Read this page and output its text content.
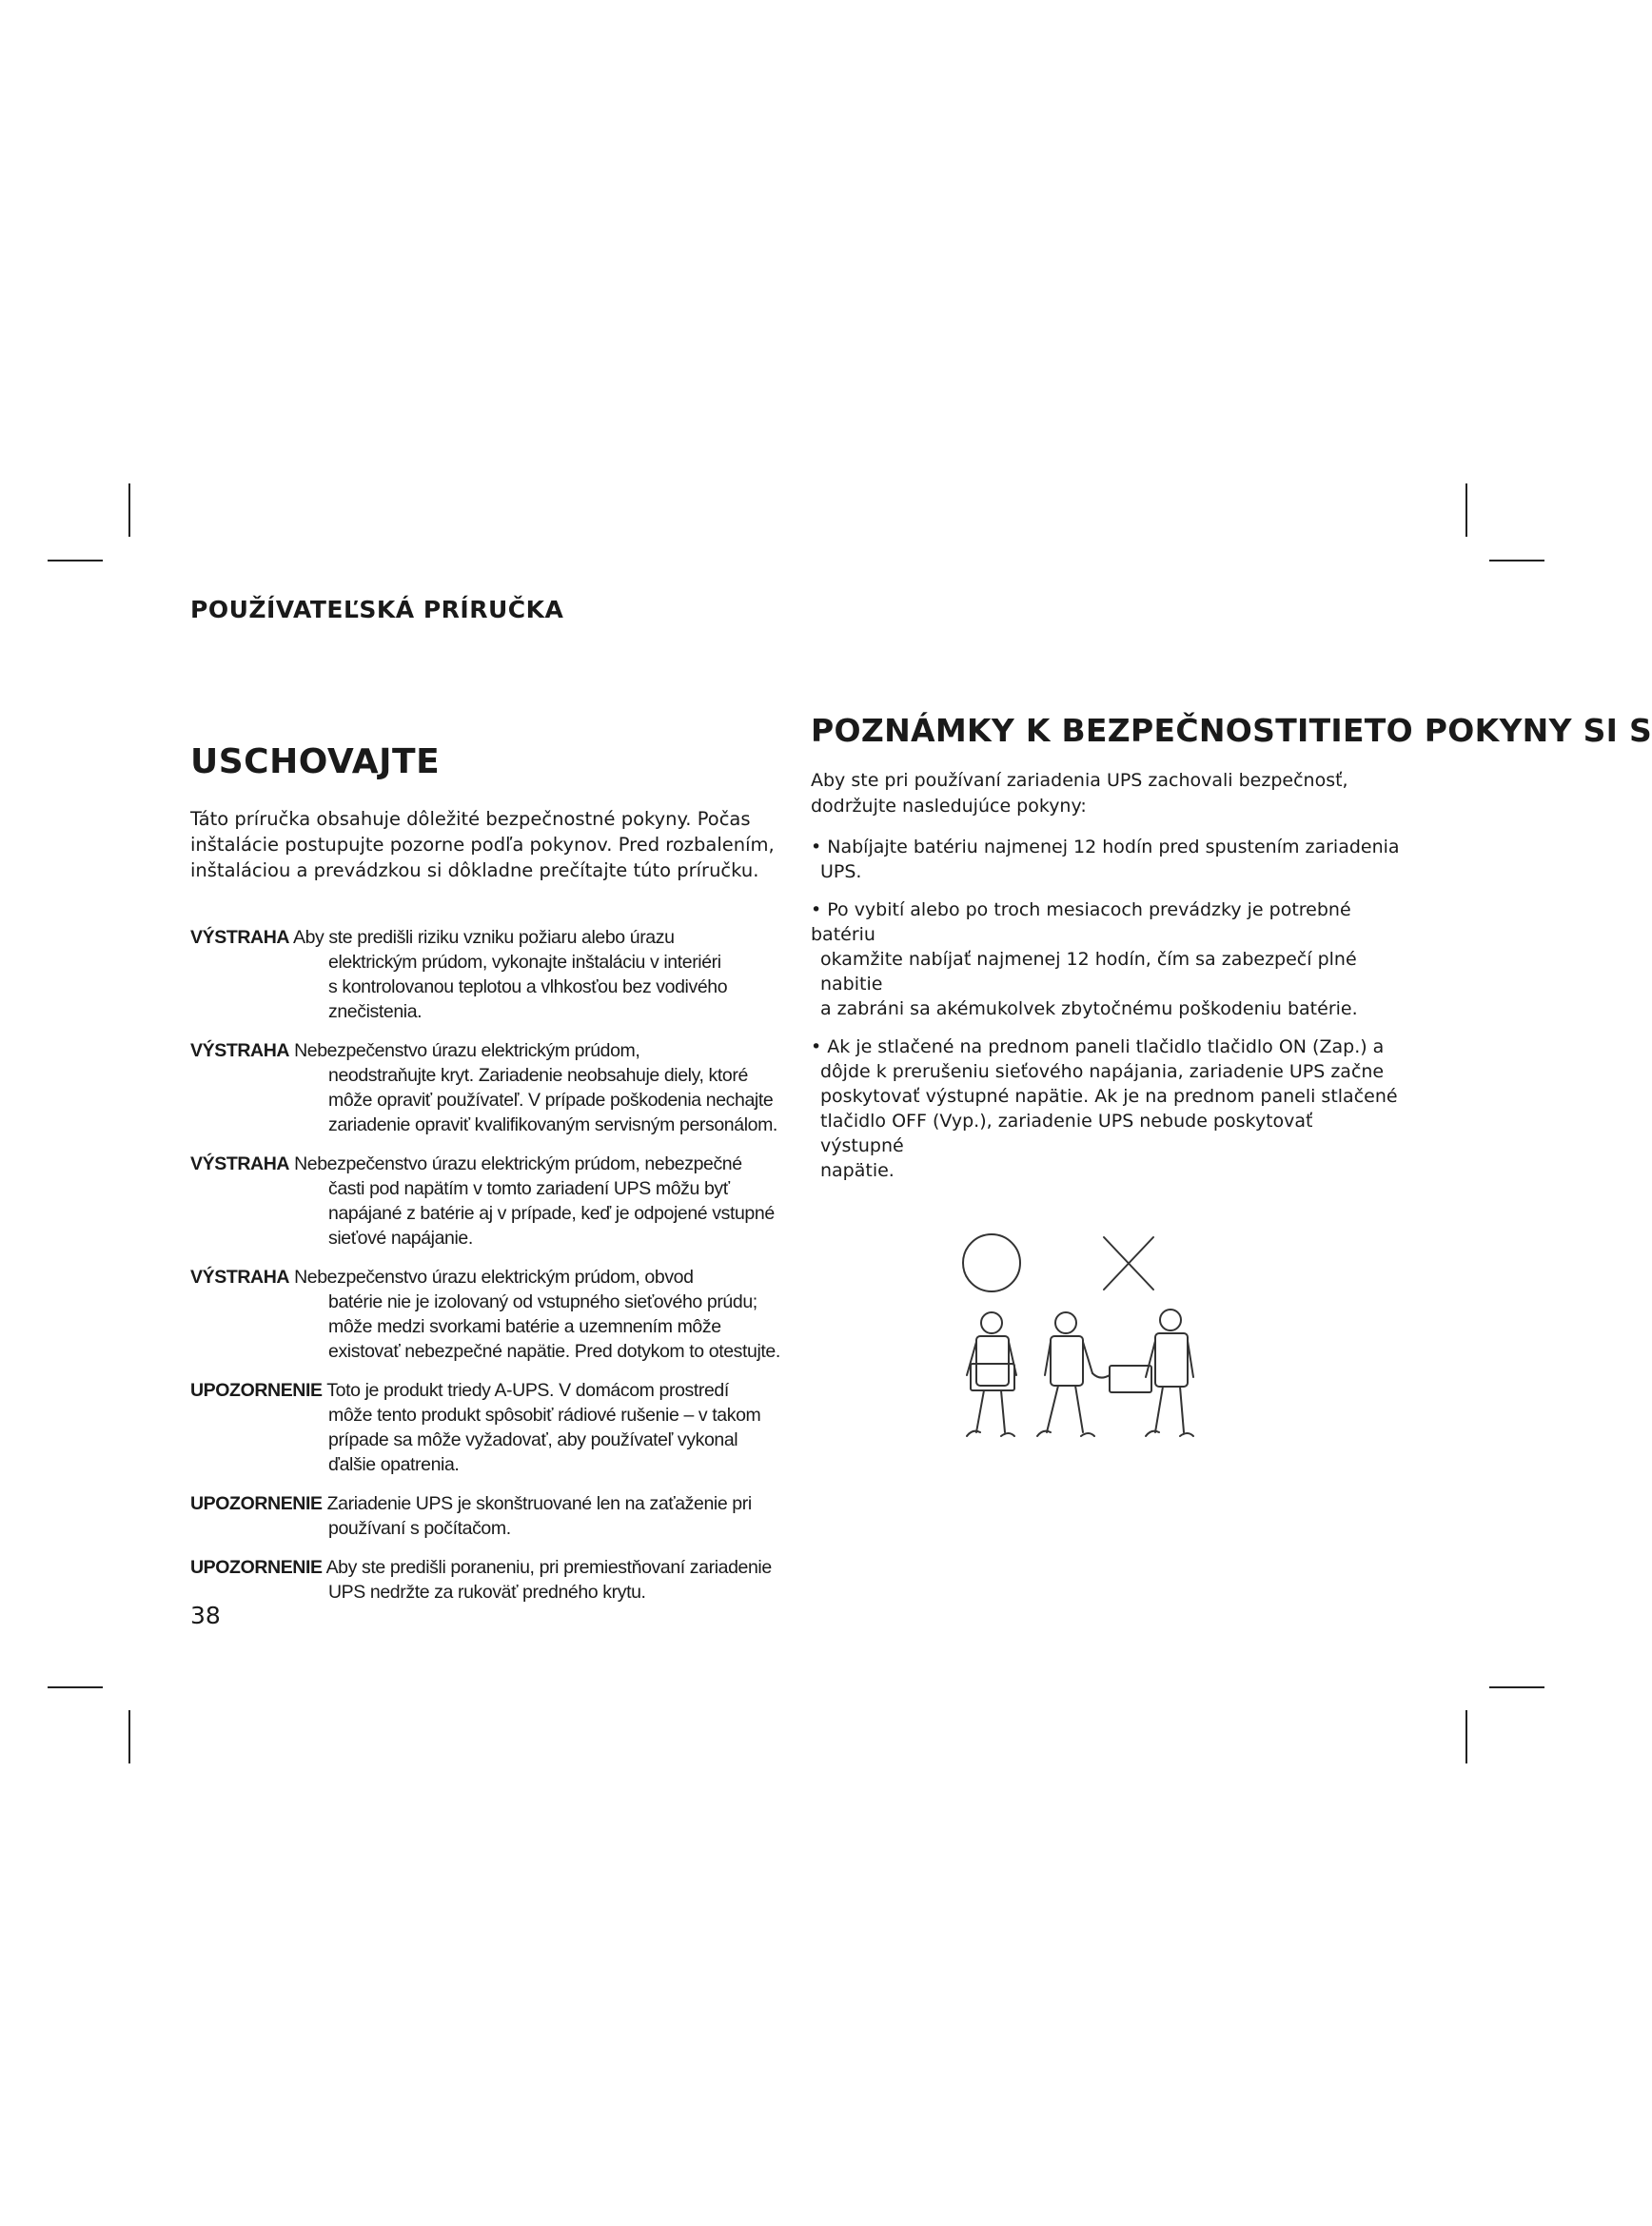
POUŽÍVATEĽSKÁ PRÍRUČKA
USCHOVAJTE
Táto príručka obsahuje dôležité bezpečnostné pokyny. Počas
inštalácie postupujte pozorne podľa pokynov. Pred rozbalením,
inštaláciou a prevádzkou si dôkladne prečítajte túto príručku.
VÝSTRAHA Aby ste predišli riziku vzniku požiaru alebo úrazu
elektrickým prúdom, vykonajte inštaláciu v interiéri
s kontrolovanou teplotou a vlhkosťou bez vodivého
znečistenia.
VÝSTRAHA Nebezpečenstvo úrazu elektrickým prúdom,
neodstraňujte kryt. Zariadenie neobsahuje diely, ktoré
môže opraviť používateľ. V prípade poškodenia nechajte
zariadenie opraviť kvalifikovaným servisným personálom.
VÝSTRAHA Nebezpečenstvo úrazu elektrickým prúdom, nebezpečné
časti pod napätím v tomto zariadení UPS môžu byť
napájané z batérie aj v prípade, keď je odpojené vstupné
sieťové napájanie.
VÝSTRAHA Nebezpečenstvo úrazu elektrickým prúdom, obvod
batérie nie je izolovaný od vstupného sieťového prúdu;
môže medzi svorkami batérie a uzemnením môže
existovať nebezpečné napätie. Pred dotykom to otestujte.
UPOZORNENIE Toto je produkt triedy A-UPS. V domácom prostredí
môže tento produkt spôsobiť rádiové rušenie – v takom
prípade sa môže vyžadovať, aby používateľ vykonal
ďalšie opatrenia.
UPOZORNENIE Zariadenie UPS je skonštruované len na zaťaženie pri
používaní s počítačom.
UPOZORNENIE Aby ste predišli poraneniu, pri premiestňovaní zariadenie
UPS nedržte za rukoväť predného krytu.
38
POZNÁMKY K BEZPEČNOSTITIETO POKYNY SI S
Aby ste pri používaní zariadenia UPS zachovali bezpečnosť,
dodržujte nasledujúce pokyny:
• Nabíjajte batériu najmenej 12 hodín pred spustením zariadenia
UPS.
• Po vybití alebo po troch mesiacoch prevádzky je potrebné batériu
okamžite nabíjať najmenej 12 hodín, čím sa zabezpečí plné nabitie
a zabráni sa akémukolvek zbytočnému poškodeniu batérie.
• Ak je stlačené na prednom paneli tlačidlo tlačidlo ON (Zap.) a
dôjde k prerušeniu sieťového napájania, zariadenie UPS začne
poskytovať výstupné napätie. Ak je na prednom paneli stlačené
tlačidlo OFF (Vyp.), zariadenie UPS nebude poskytovať výstupné
napätie.
